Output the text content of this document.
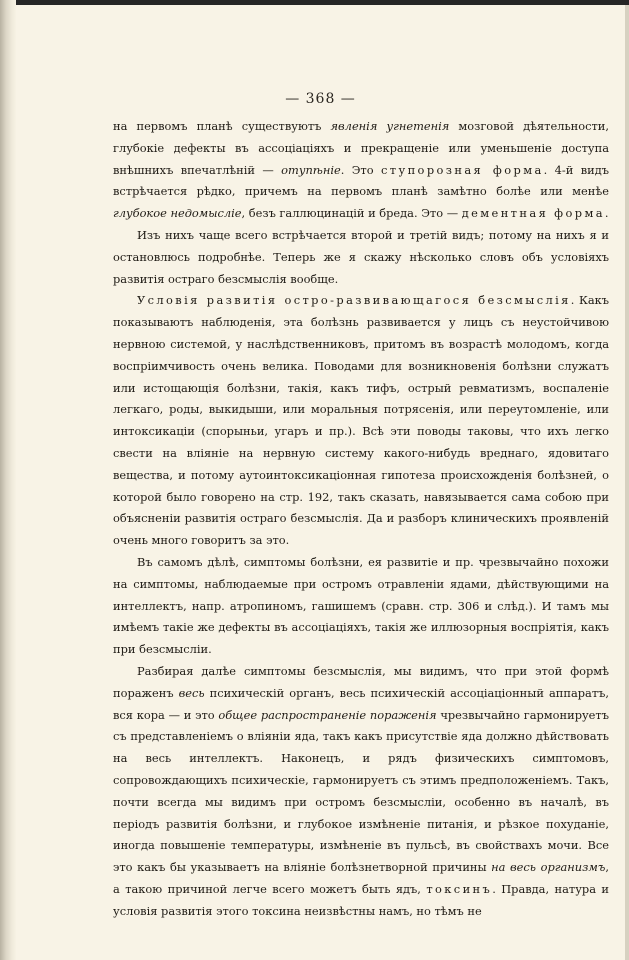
— 368 —

на первомъ планѣ существуютъ явленія угнетенія мозговой дѣятельности, глубокіе дефекты въ ассоціаціяхъ и прекращеніе или уменьшеніе доступа внѣшнихъ впечатлѣній — отупѣніе. Это ступорозная форма. 4-й видъ встрѣчается рѣдко, причемъ на первомъ планѣ замѣтно болѣе или менѣе глубокое недомысліе, безъ галлюцинацій и бреда. Это — дементная форма.

Изъ нихъ чаще всего встрѣчается второй и третій видъ; потому на нихъ я и остановлюсь подробнѣе. Теперь же я скажу нѣсколько словъ объ условіяхъ развитія остраго безсмыслія вообще.

Условія развитія остро-развивающагося безсмыслія. Какъ показываютъ наблюденія, эта болѣзнь развивается у лицъ съ неустойчивою нервною системой, у наслѣдственниковъ, притомъ въ возрастѣ молодомъ, когда воспріимчивость очень велика. Поводами для возникновенія болѣзни служатъ или истощающія болѣзни, такія, какъ тифъ, острый ревматизмъ, воспаленіе легкаго, роды, выкидыши, или моральныя потрясенія, или переутомленіе, или интоксикаціи (спорыньи, угаръ и пр.). Всѣ эти поводы таковы, что ихъ легко свести на вліяніе на нервную систему какого-нибудь вреднаго, ядовитаго вещества, и потому аутоинтоксикаціонная гипотеза происхожденія болѣзней, о которой было говорено на стр. 192, такъ сказать, навязывается сама собою при объясненіи развитія остраго безсмыслія. Да и разборъ клиническихъ проявленій очень много говоритъ за это.

Въ самомъ дѣлѣ, симптомы болѣзни, ея развитіе и пр. чрезвычайно похожи на симптомы, наблюдаемые при остромъ отравленіи ядами, дѣйствующими на интеллектъ, напр. атропиномъ, гашишемъ (сравн. стр. 306 и слѣд.). И тамъ мы имѣемъ такіе же дефекты въ ассоціаціяхъ, такія же иллюзорныя воспріятія, какъ при безсмысліи.

Разбирая далѣе симптомы безсмыслія, мы видимъ, что при этой формѣ пораженъ весь психическій органъ, весь психическій ассоціаціонный аппаратъ, вся кора — и это общее распространеніе пораженія чрезвычайно гармонируетъ съ представленіемъ о вліяніи яда, такъ какъ присутствіе яда должно дѣйствовать на весь интеллектъ. Наконецъ, и рядъ физическихъ симптомовъ, сопровождающихъ психическіе, гармонируетъ съ этимъ предположеніемъ. Такъ, почти всегда мы видимъ при остромъ безсмысліи, особенно въ началѣ, въ періодъ развитія болѣзни, и глубокое измѣненіе питанія, и рѣзкое похуданіе, иногда повышеніе температуры, измѣненіе въ пульсѣ, въ свойствахъ мочи. Все это какъ бы указываетъ на вліяніе болѣзнетворной причины на весь организмъ, а такою причиной легче всего можетъ быть ядъ, токсинъ. Правда, натура и условія развитія этого токсина неизвѣстны намъ, но тѣмъ не
